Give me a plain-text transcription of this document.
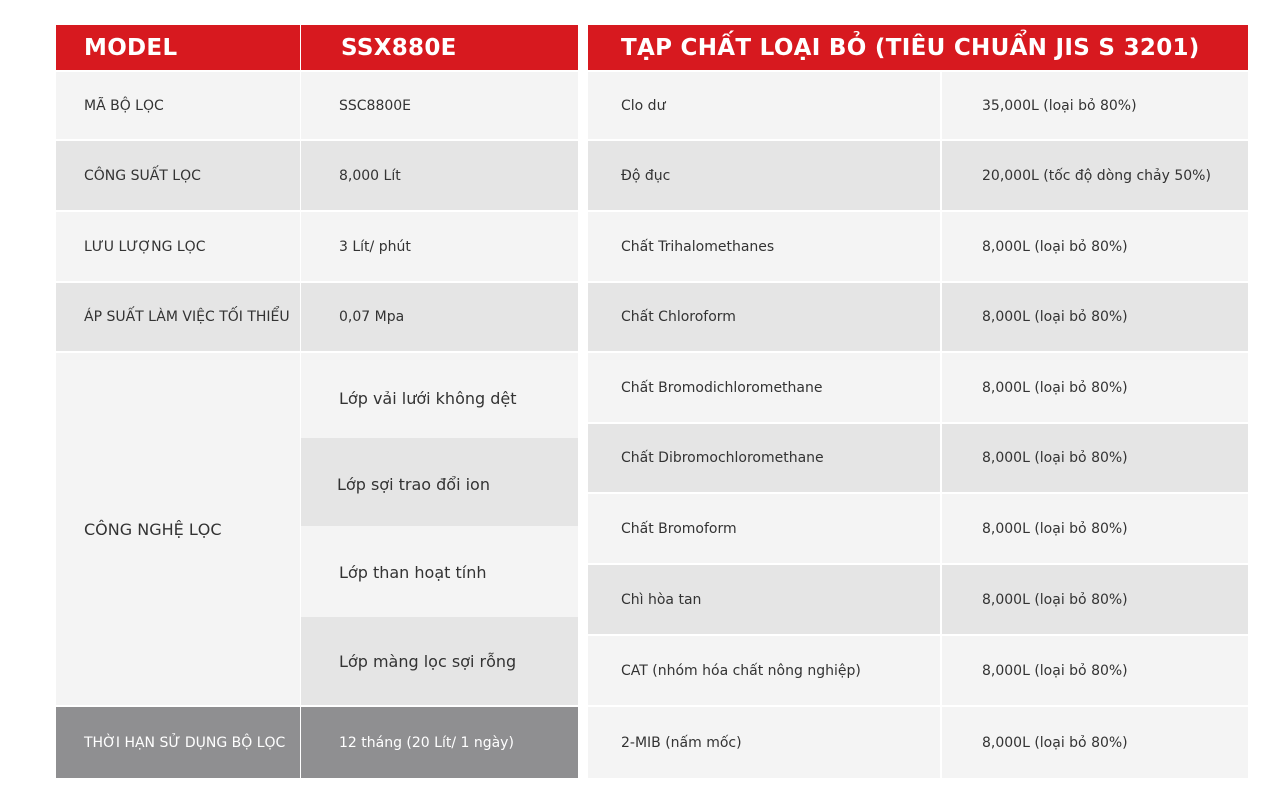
MODEL	SSX880E
MÃ BỘ LỌC	SSC8800E
CÔNG SUẤT LỌC	8,000 Lít
LƯU LƯỢNG LỌC	3 Lít/ phút
ÁP SUẤT LÀM VIỆC TỐI THIỂU	0,07 Mpa
CÔNG NGHỆ LỌC
Lớp vải lưới không dệt
Lớp sợi trao đổi ion
Lớp than hoạt tính
Lớp màng lọc sợi rỗng
THỜI HẠN SỬ DỤNG BỘ LỌC	12 tháng (20 Lít/ 1 ngày)
TẠP CHẤT LOẠI BỎ (TIÊU CHUẨN JIS S 3201)
Clo dư	35,000L (loại bỏ 80%)
Độ đục	20,000L (tốc độ dòng chảy 50%)
Chất Trihalomethanes	8,000L (loại bỏ 80%)
Chất Chloroform	8,000L (loại bỏ 80%)
Chất Bromodichloromethane	8,000L (loại bỏ 80%)
Chất Dibromochloromethane	8,000L (loại bỏ 80%)
Chất Bromoform	8,000L (loại bỏ 80%)
Chì hòa tan	8,000L (loại bỏ 80%)
CAT (nhóm hóa chất nông nghiệp)	8,000L (loại bỏ 80%)
2-MIB (nấm mốc)	8,000L (loại bỏ 80%)
